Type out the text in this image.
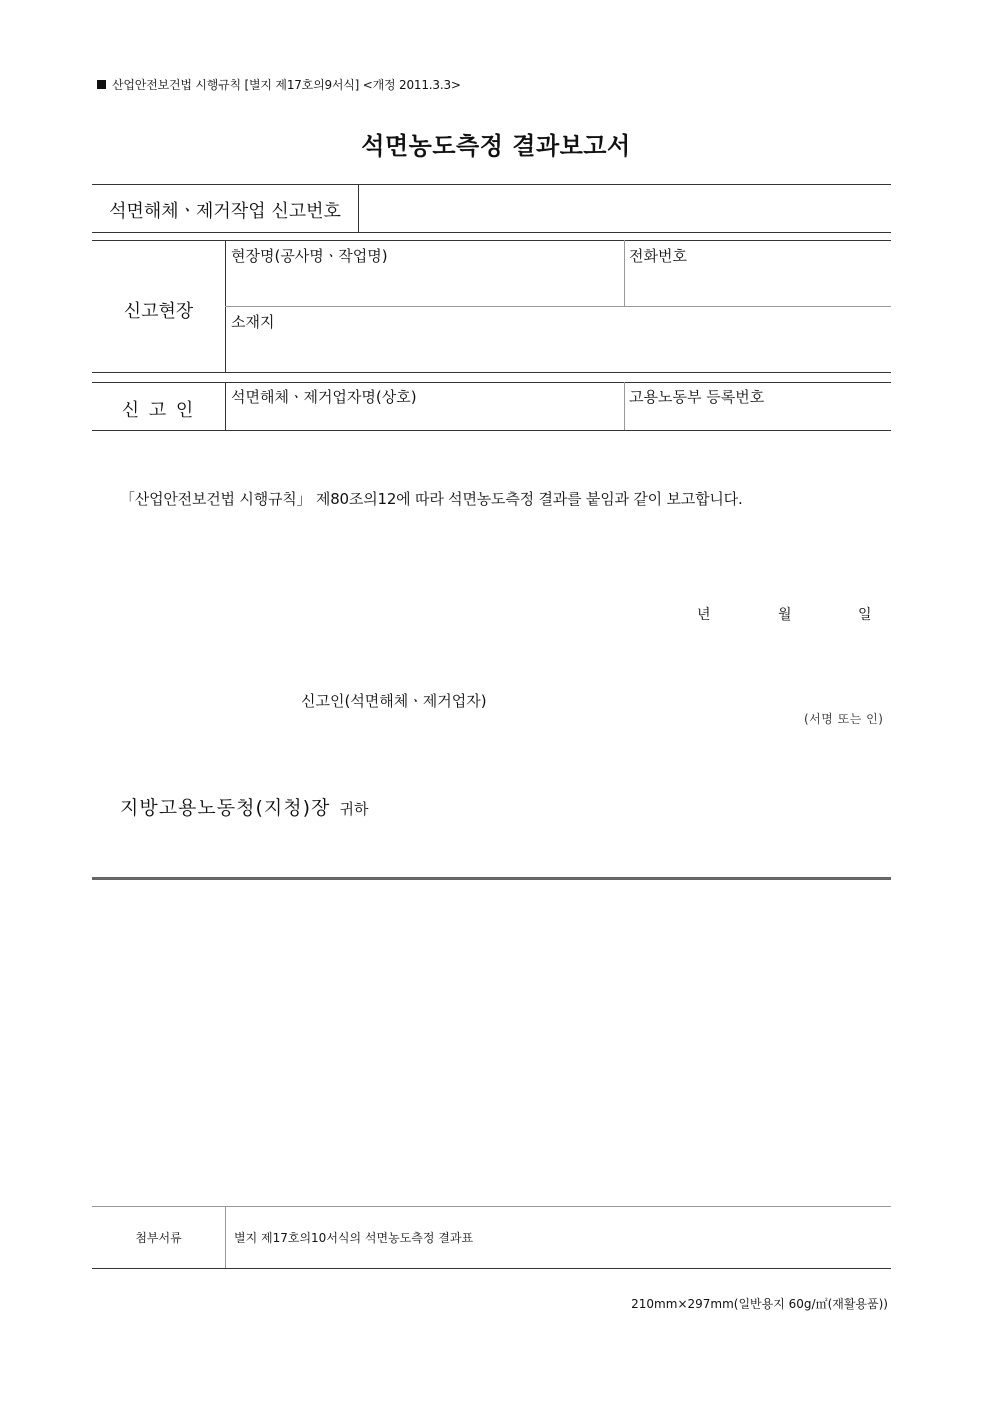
산업안전보건법 시행규칙 [별지 제17호의9서식] <개정 2011.3.3>
석면농도측정 결과보고서
석면해체ㆍ제거작업 신고번호
신고현장
현장명(공사명ㆍ작업명)	전화번호
소재지
신 고 인
석면해체ㆍ제거업자명(상호)	고용노동부 등록번호
「산업안전보건법 시행규칙」 제80조의12에 따라 석면농도측정 결과를 붙임과 같이 보고합니다.
년	월	일
신고인(석면해체ㆍ제거업자)
(서명 또는 인)
지방고용노동청(지청)장 귀하
첨부서류	별지 제17호의10서식의 석면농도측정 결과표
210mm×297mm(일반용지 60g/㎡(재활용품))
